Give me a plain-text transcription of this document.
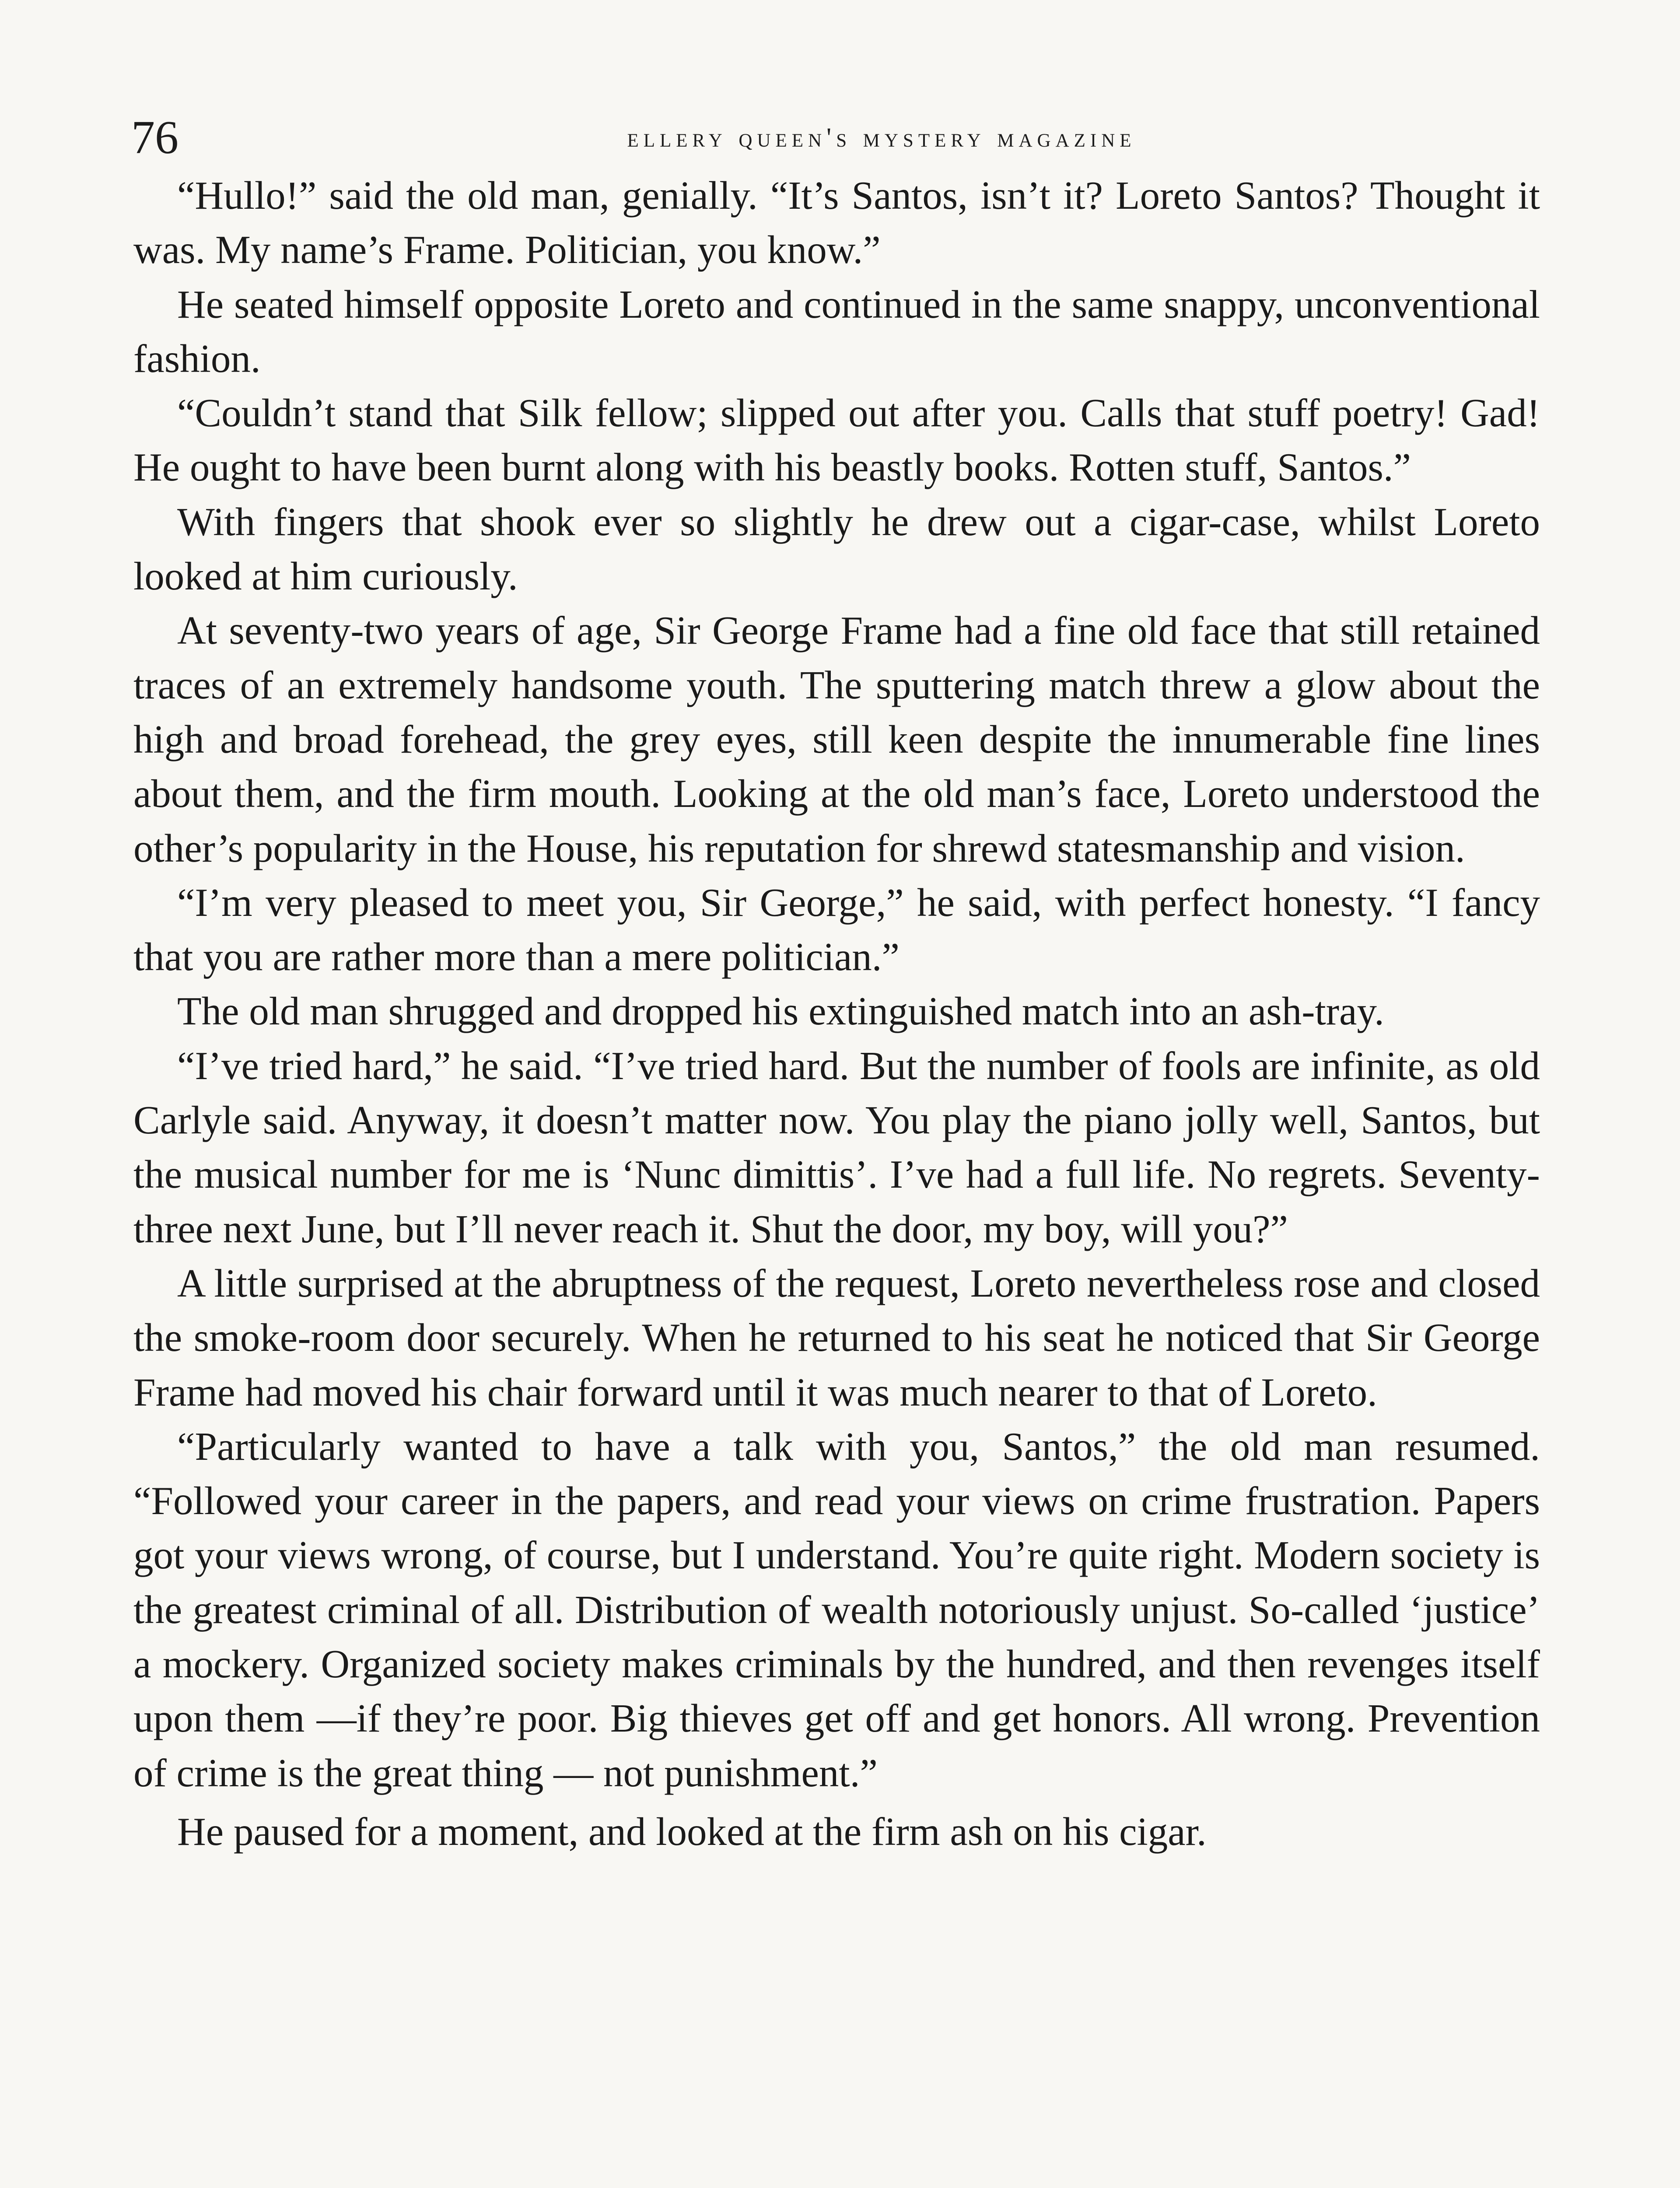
76	ellery queen's mystery magazine

“Hullo!” said the old man, genially. “It’s Santos, isn’t it? Loreto Santos? Thought it was. My name’s Frame. Politician, you know.”

He seated himself opposite Loreto and continued in the same snappy, unconventional fashion.

“Couldn’t stand that Silk fellow; slipped out after you. Calls that stuff poetry! Gad! He ought to have been burnt along with his beastly books. Rotten stuff, Santos.”

With fingers that shook ever so slightly he drew out a cigar-case, whilst Loreto looked at him curiously.

At seventy-two years of age, Sir George Frame had a fine old face that still retained traces of an extremely handsome youth. The sputtering match threw a glow about the high and broad forehead, the grey eyes, still keen despite the innumerable fine lines about them, and the firm mouth. Looking at the old man’s face, Loreto understood the other’s popularity in the House, his reputation for shrewd statesmanship and vision.

“I’m very pleased to meet you, Sir George,” he said, with perfect honesty. “I fancy that you are rather more than a mere politician.”

The old man shrugged and dropped his extinguished match into an ash-tray.

“I’ve tried hard,” he said. “I’ve tried hard. But the number of fools are infinite, as old Carlyle said. Anyway, it doesn’t matter now. You play the piano jolly well, Santos, but the musical number for me is ‘Nunc dimittis’. I’ve had a full life. No regrets. Seventy-three next June, but I’ll never reach it. Shut the door, my boy, will you?”

A little surprised at the abruptness of the request, Loreto nevertheless rose and closed the smoke-room door securely. When he returned to his seat he noticed that Sir George Frame had moved his chair forward until it was much nearer to that of Loreto.

“Particularly wanted to have a talk with you, Santos,” the old man resumed. “Followed your career in the papers, and read your views on crime frustration. Papers got your views wrong, of course, but I understand. You’re quite right. Modern society is the greatest criminal of all. Distribution of wealth notoriously unjust. So-called ‘justice’ a mockery. Organized society makes criminals by the hundred, and then revenges itself upon them —if they’re poor. Big thieves get off and get honors. All wrong. Prevention of crime is the great thing — not punishment.”

He paused for a moment, and looked at the firm ash on his cigar.
